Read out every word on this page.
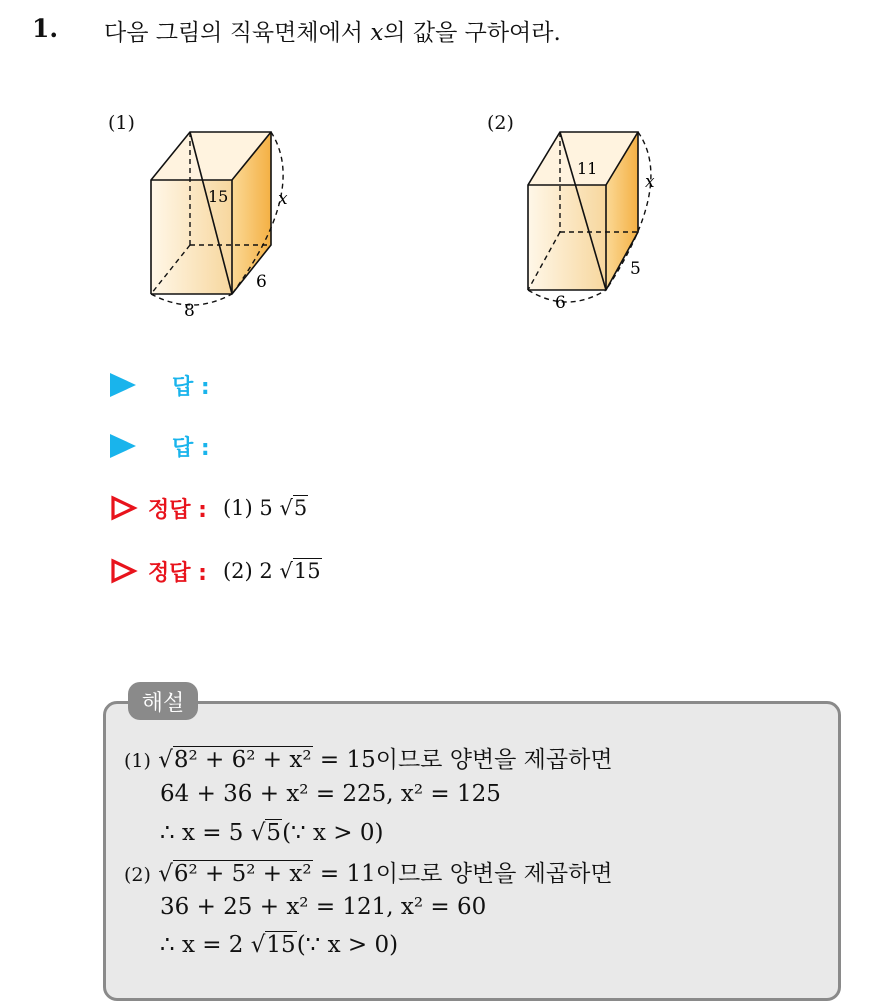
1. 다음 그림의 직육면체에서 x의 값을 구하여라.
(1)
15	x
6
8
(2)
11
x
5
6
답 :
답 :
정답 : (1) 5 √5
정답 : (2) 2 √15
해설
(1) √8² + 6² + x² = 15이므로 양변을 제곱하면
64 + 36 + x² = 225, x² = 125
∴ x = 5 √5(∵ x > 0)
(2) √6² + 5² + x² = 11이므로 양변을 제곱하면
36 + 25 + x² = 121, x² = 60
∴ x = 2 √15(∵ x > 0)
